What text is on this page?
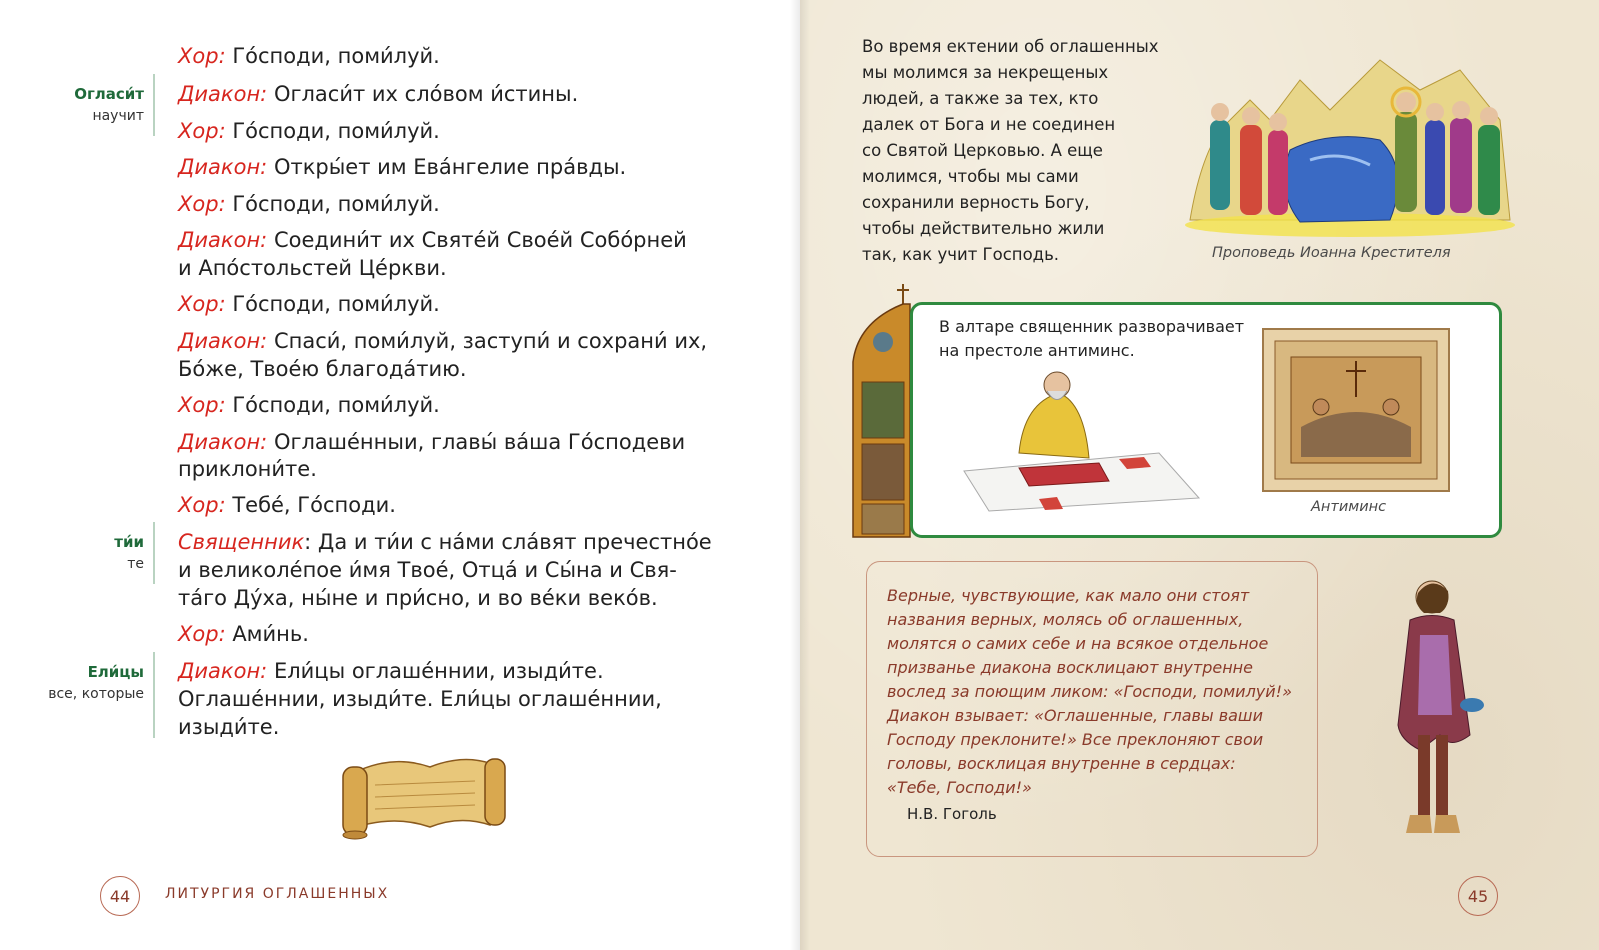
Хор: Го́споди, поми́луй.
Диакон: Оглаcи́т их сло́вом и́стины.
Хор: Го́споди, поми́луй.
Диакон: Откры́ет им Ева́нгелие пра́вды.
Хор: Го́споди, поми́луй.
Диакон: Соедини́т их Святе́й Свое́й Собо́рней
и Апо́стольстей Це́ркви.
Хор: Го́споди, поми́луй.
Диакон: Спаси́, поми́луй, заступи́ и сохрани́ их,
Бо́же, Твое́ю благода́тию.
Хор: Го́споди, поми́луй.
Диакон: Оглаше́нныи, главы́ ва́ша Го́сподеви
приклони́те.
Хор: Тебе́, Го́споди.
Священник: Да и ти́и с на́ми сла́вят пречестно́е
и великоле́пое и́мя Твое́, Отца́ и Сы́на и Свя-
та́го Ду́ха, ны́не и при́сно, и во ве́ки веко́в.
Хор: Ами́нь.
Диакон: Ели́цы оглаше́ннии, изыди́те.
Оглаше́ннии, изыди́те. Ели́цы оглаше́ннии,
изыди́те.
Оглаcи́т
научит
ти́и
те
Ели́цы
все, которые
44	ЛИТУРГИЯ ОГЛАШЕННЫХ
Во время ектении об оглашенных
мы молимся за некрещеных
людей, а также за тех, кто
далек от Бога и не соединен
со Святой Церковью. А еще
молимся, чтобы мы сами
сохранили верность Богу,
чтобы действительно жили
так, как учит Господь.	Проповедь Иоанна Крестителя
В алтаре священник разворачивает
на престоле антиминс.
Антиминс
Верные, чувствующие, как мало они стоят
названия верных, молясь об оглашенных,
молятся о самих себе и на всякое отдельное
призванье диакона восклицают внутренне
вослед за поющим ликом: «Господи, помилуй!»
Диакон взывает: «Оглашенные, главы ваши
Господу преклоните!» Все преклоняют свои
головы, восклицая внутренне в сердцах:
«Тебе, Господи!»
Н.В. Гоголь
45
